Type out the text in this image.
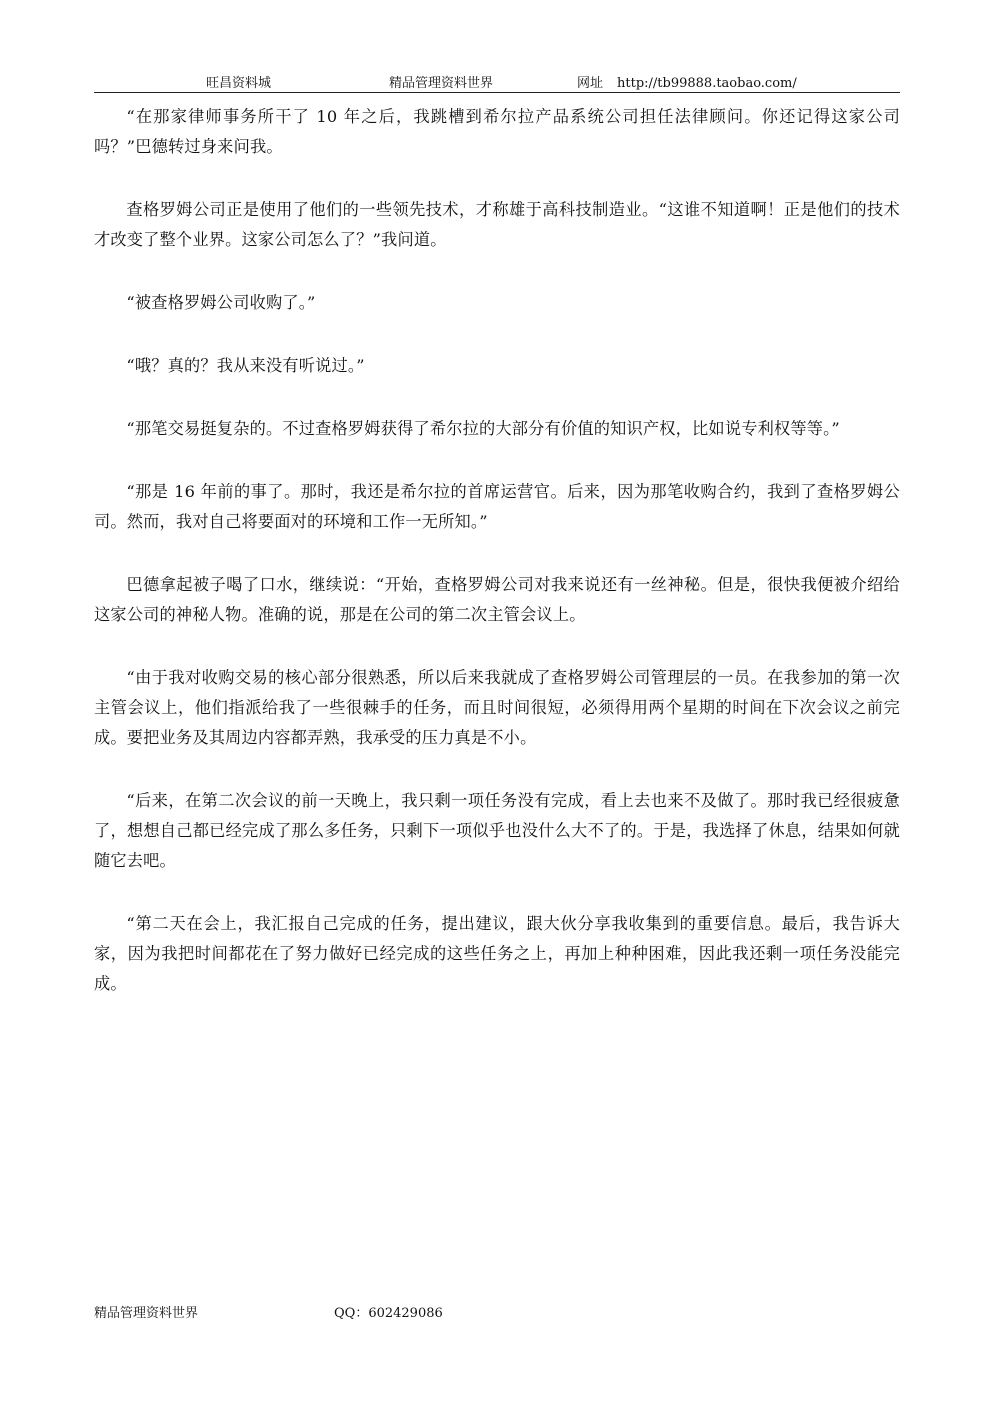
旺昌资料城	精品管理资料世界	网址 http://tb99888.taobao.com/

“在那家律师事务所干了 10 年之后，我跳槽到希尔拉产品系统公司担任法律顾问。你还记得这家公司吗？”巴德转过身来问我。

查格罗姆公司正是使用了他们的一些领先技术，才称雄于高科技制造业。“这谁不知道啊！正是他们的技术才改变了整个业界。这家公司怎么了？”我问道。

“被查格罗姆公司收购了。”

“哦？真的？我从来没有听说过。”

“那笔交易挺复杂的。不过查格罗姆获得了希尔拉的大部分有价值的知识产权，比如说专利权等等。”

“那是 16 年前的事了。那时，我还是希尔拉的首席运营官。后来，因为那笔收购合约，我到了查格罗姆公司。然而，我对自己将要面对的环境和工作一无所知。”

巴德拿起被子喝了口水，继续说：“开始，查格罗姆公司对我来说还有一丝神秘。但是，很快我便被介绍给这家公司的神秘人物。准确的说，那是在公司的第二次主管会议上。

“由于我对收购交易的核心部分很熟悉，所以后来我就成了查格罗姆公司管理层的一员。在我参加的第一次主管会议上，他们指派给我了一些很棘手的任务，而且时间很短，必须得用两个星期的时间在下次会议之前完成。要把业务及其周边内容都弄熟，我承受的压力真是不小。

“后来，在第二次会议的前一天晚上，我只剩一项任务没有完成，看上去也来不及做了。那时我已经很疲惫了，想想自己都已经完成了那么多任务，只剩下一项似乎也没什么大不了的。于是，我选择了休息，结果如何就随它去吧。

“第二天在会上，我汇报自己完成的任务，提出建议，跟大伙分享我收集到的重要信息。最后，我告诉大家，因为我把时间都花在了努力做好已经完成的这些任务之上，再加上种种困难，因此我还剩一项任务没能完成。

精品管理资料世界	QQ：602429086
